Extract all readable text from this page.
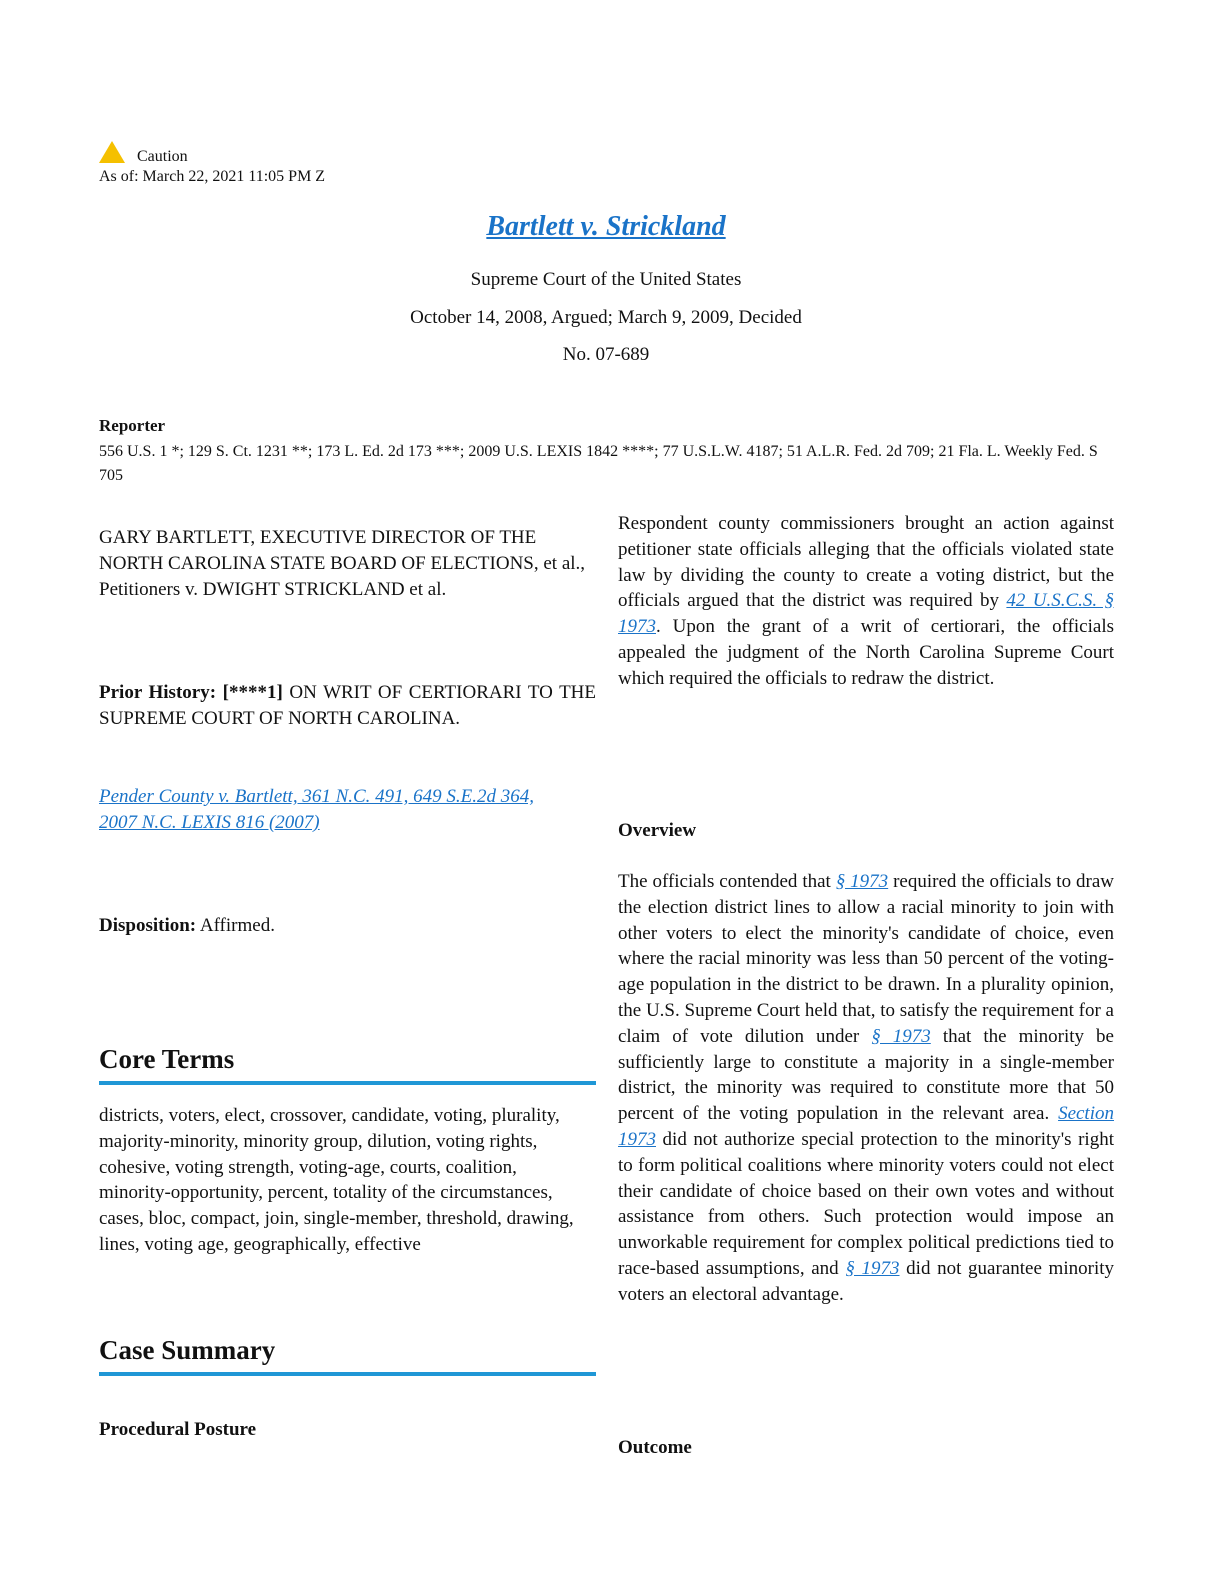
Caution
As of: March 22, 2021 11:05 PM Z
Bartlett v. Strickland
Supreme Court of the United States
October 14, 2008, Argued; March 9, 2009, Decided
No. 07-689
Reporter
556 U.S. 1 *; 129 S. Ct. 1231 **; 173 L. Ed. 2d 173 ***; 2009 U.S. LEXIS 1842 ****; 77 U.S.L.W. 4187; 51 A.L.R. Fed. 2d 709; 21 Fla. L. Weekly Fed. S 705
GARY BARTLETT, EXECUTIVE DIRECTOR OF THE NORTH CAROLINA STATE BOARD OF ELECTIONS, et al., Petitioners v. DWIGHT STRICKLAND et al.
Prior History: [****1] ON WRIT OF CERTIORARI TO THE SUPREME COURT OF NORTH CAROLINA.
Pender County v. Bartlett, 361 N.C. 491, 649 S.E.2d 364, 2007 N.C. LEXIS 816 (2007)
Disposition: Affirmed.
Core Terms
districts, voters, elect, crossover, candidate, voting, plurality, majority-minority, minority group, dilution, voting rights, cohesive, voting strength, voting-age, courts, coalition, minority-opportunity, percent, totality of the circumstances, cases, bloc, compact, join, single-member, threshold, drawing, lines, voting age, geographically, effective
Case Summary
Procedural Posture
Respondent county commissioners brought an action against petitioner state officials alleging that the officials violated state law by dividing the county to create a voting district, but the officials argued that the district was required by 42 U.S.C.S. § 1973. Upon the grant of a writ of certiorari, the officials appealed the judgment of the North Carolina Supreme Court which required the officials to redraw the district.
Overview
The officials contended that § 1973 required the officials to draw the election district lines to allow a racial minority to join with other voters to elect the minority's candidate of choice, even where the racial minority was less than 50 percent of the voting-age population in the district to be drawn. In a plurality opinion, the U.S. Supreme Court held that, to satisfy the requirement for a claim of vote dilution under § 1973 that the minority be sufficiently large to constitute a majority in a single-member district, the minority was required to constitute more that 50 percent of the voting population in the relevant area. Section 1973 did not authorize special protection to the minority's right to form political coalitions where minority voters could not elect their candidate of choice based on their own votes and without assistance from others. Such protection would impose an unworkable requirement for complex political predictions tied to race-based assumptions, and § 1973 did not guarantee minority voters an electoral advantage.
Outcome
